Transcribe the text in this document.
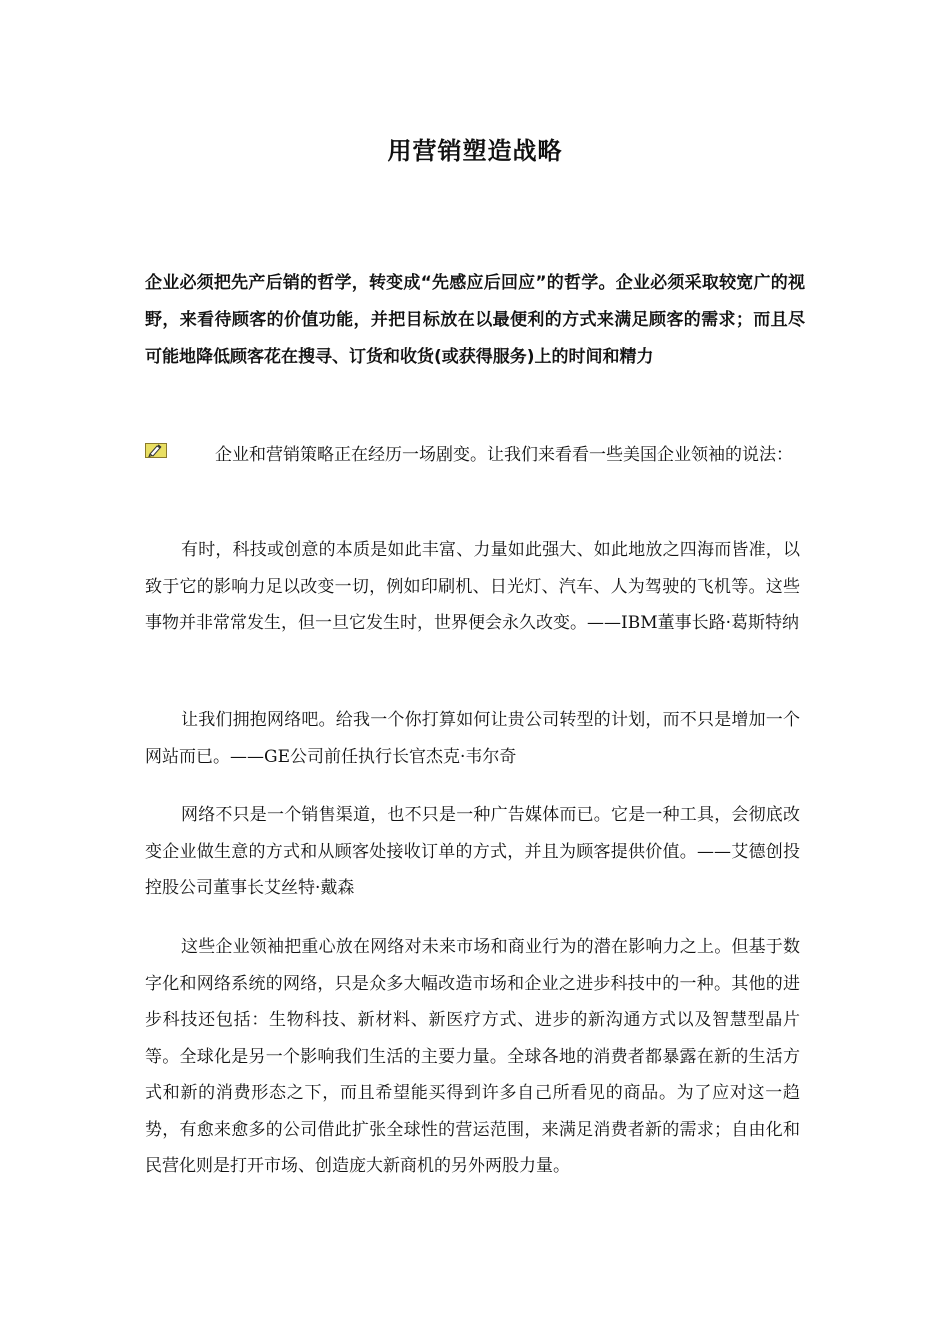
用营销塑造战略
企业必须把先产后销的哲学，转变成“先感应后回应”的哲学。企业必须采取较宽广的视野，来看待顾客的价值功能，并把目标放在以最便利的方式来满足顾客的需求；而且尽可能地降低顾客花在搜寻、订货和收货(或获得服务)上的时间和精力
企业和营销策略正在经历一场剧变。让我们来看看一些美国企业领袖的说法：

有时，科技或创意的本质是如此丰富、力量如此强大、如此地放之四海而皆准，以致于它的影响力足以改变一切，例如印刷机、日光灯、汽车、人为驾驶的飞机等。这些事物并非常常发生，但一旦它发生时，世界便会永久改变。——IBM董事长路·葛斯特纳

让我们拥抱网络吧。给我一个你打算如何让贵公司转型的计划，而不只是增加一个网站而已。——GE公司前任执行长官杰克·韦尔奇

网络不只是一个销售渠道，也不只是一种广告媒体而已。它是一种工具，会彻底改变企业做生意的方式和从顾客处接收订单的方式，并且为顾客提供价值。——艾德创投控股公司董事长艾丝特·戴森

这些企业领袖把重心放在网络对未来市场和商业行为的潜在影响力之上。但基于数字化和网络系统的网络，只是众多大幅改造市场和企业之进步科技中的一种。其他的进步科技还包括：生物科技、新材料、新医疗方式、进步的新沟通方式以及智慧型晶片等。全球化是另一个影响我们生活的主要力量。全球各地的消费者都暴露在新的生活方式和新的消费形态之下，而且希望能买得到许多自己所看见的商品。为了应对这一趋势，有愈来愈多的公司借此扩张全球性的营运范围，来满足消费者新的需求；自由化和民营化则是打开市场、创造庞大新商机的另外两股力量。
